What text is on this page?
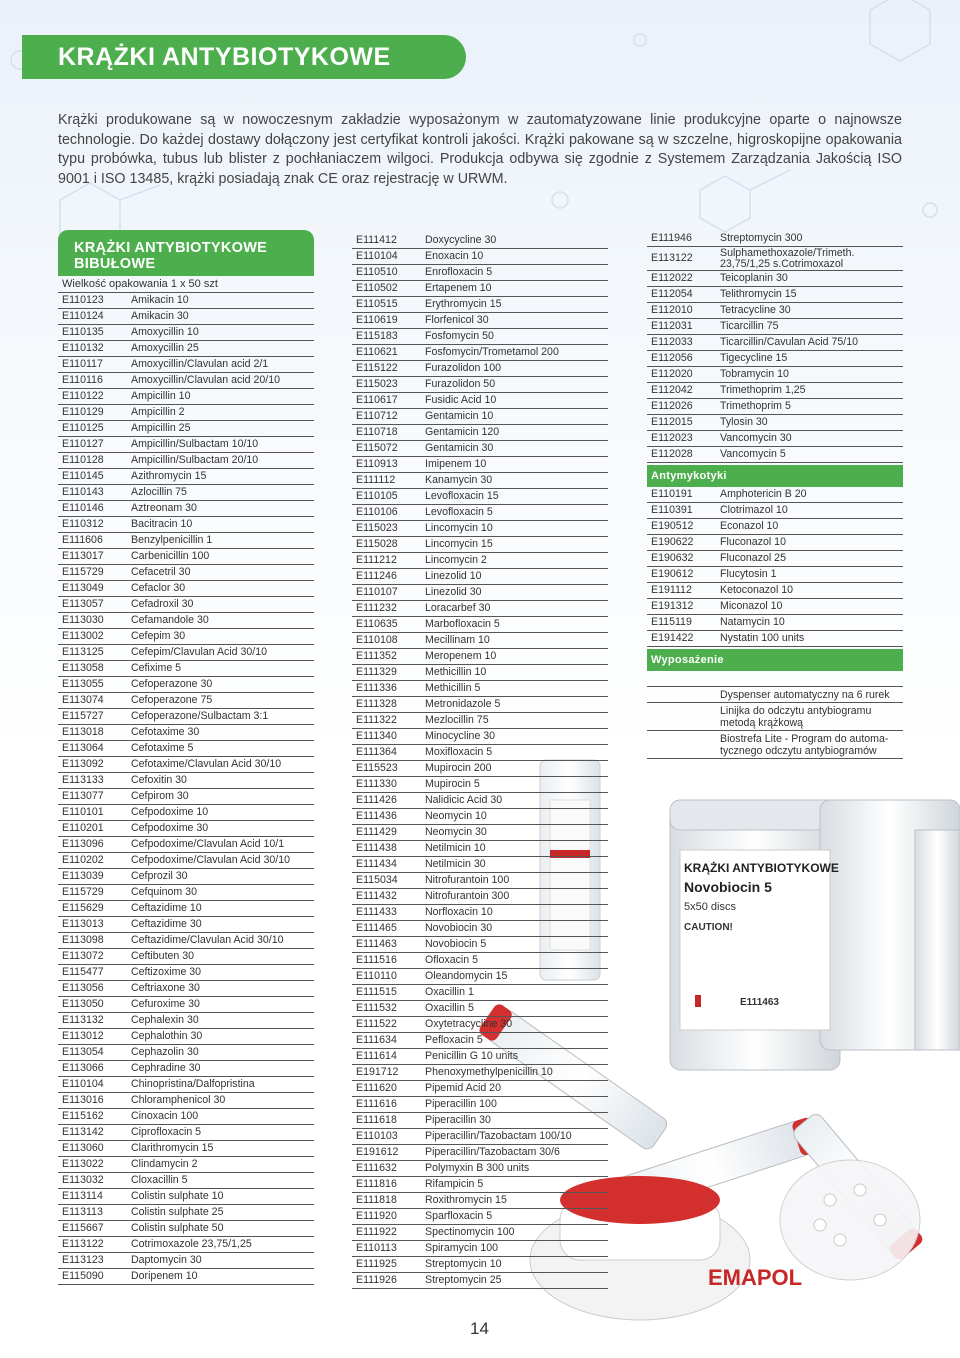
KRĄŻKI ANTYBIOTYKOWE

Krążki produkowane są w nowoczesnym zakładzie wyposażonym w zautomatyzowane linie produkcyjne oparte o najnowsze technologie. Do każdej dostawy dołączony jest certyfikat kontroli jakości. Krążki pakowane są w szczelne, higroskopijne opakowania typu probówka, tubus lub blister z pochłaniaczem wilgoci. Produkcja odbywa się zgodnie z Systemem Zarządzania Jakością ISO 9001 i ISO 13485, krążki posiadają znak CE oraz rejestrację w URWM.

KRĄŻKI ANTYBIOTYKOWE
Novobiocin 5
5x50 discs
CAUTION!
E111463
EMAPOL
KRĄŻKI ANTYBIOTYKOWE BIBUŁOWE
Wielkość opakowania 1 x 50 szt
E110123	Amikacin 10
E110124	Amikacin 30
E110135	Amoxycillin 10
E110132	Amoxycillin 25
E110117	Amoxycillin/Clavulan acid 2/1
E110116	Amoxycillin/Clavulan acid 20/10
E110122	Ampicillin 10
E110129	Ampicillin 2
E110125	Ampicillin 25
E110127	Ampicillin/Sulbactam 10/10
E110128	Ampicillin/Sulbactam 20/10
E110145	Azithromycin 15
E110143	Azlocillin 75
E110146	Aztreonam 30
E110312	Bacitracin 10
E111606	Benzylpenicillin 1
E113017	Carbenicillin 100
E115729	Cefacetril 30
E113049	Cefaclor 30
E113057	Cefadroxil 30
E113030	Cefamandole 30
E113002	Cefepim 30
E113125	Cefepim/Clavulan Acid 30/10
E113058	Cefixime 5
E113055	Cefoperazone 30
E113074	Cefoperazone 75
E115727	Cefoperazone/Sulbactam 3:1
E113018	Cefotaxime 30
E113064	Cefotaxime 5
E113092	Cefotaxime/Clavulan Acid 30/10
E113133	Cefoxitin 30
E113077	Cefpirom 30
E110101	Cefpodoxime 10
E110201	Cefpodoxime 30
E113096	Cefpodoxime/Clavulan Acid 10/1
E110202	Cefpodoxime/Clavulan Acid 30/10
E113039	Cefprozil 30
E115729	Cefquinom 30
E115629	Ceftazidime 10
E113013	Ceftazidime 30
E113098	Ceftazidime/Clavulan Acid 30/10
E113072	Ceftibuten 30
E115477	Ceftizoxime 30
E113056	Ceftriaxone 30
E113050	Cefuroxime 30
E113132	Cephalexin 30
E113012	Cephalothin 30
E113054	Cephazolin 30
E113066	Cephradine 30
E110104	Chinopristina/Dalfopristina
E113016	Chloramphenicol 30
E115162	Cinoxacin 100
E113142	Ciprofloxacin 5
E113060	Clarithromycin 15
E113022	Clindamycin 2
E113032	Cloxacillin 5
E113114	Colistin sulphate 10
E113113	Colistin sulphate 25
E115667	Colistin sulphate 50
E113122	Cotrimoxazole 23,75/1,25
E113123	Daptomycin 30
E115090	Doripenem 10
E111412	Doxycycline 30
E110104	Enoxacin 10
E110510	Enrofloxacin 5
E110502	Ertapenem 10
E110515	Erythromycin 15
E110619	Florfenicol 30
E115183	Fosfomycin 50
E110621	Fosfomycin/Trometamol 200
E115122	Furazolidon 100
E115023	Furazolidon 50
E110617	Fusidic Acid 10
E110712	Gentamicin 10
E110718	Gentamicin 120
E115072	Gentamicin 30
E110913	Imipenem 10
E111112	Kanamycin 30
E110105	Levofloxacin 15
E110106	Levofloxacin 5
E115023	Lincomycin 10
E115028	Lincomycin 15
E111212	Lincomycin 2
E111246	Linezolid 10
E110107	Linezolid 30
E111232	Loracarbef 30
E110635	Marbofloxacin 5
E110108	Mecillinam 10
E111352	Meropenem 10
E111329	Methicillin 10
E111336	Methicillin 5
E111328	Metronidazole 5
E111322	Mezlocillin 75
E111340	Minocycline 30
E111364	Moxifloxacin 5
E115523	Mupirocin 200
E111330	Mupirocin 5
E111426	Nalidicic Acid 30
E111436	Neomycin 10
E111429	Neomycin 30
E111438	Netilmicin 10
E111434	Netilmicin 30
E115034	Nitrofurantoin 100
E111432	Nitrofurantoin 300
E111433	Norfloxacin 10
E111465	Novobiocin 30
E111463	Novobiocin 5
E111516	Ofloxacin 5
E110110	Oleandomycin 15
E111515	Oxacillin 1
E111532	Oxacillin 5
E111522	Oxytetracycline 30
E111634	Pefloxacin 5
E111614	Penicillin G 10 units
E191712	Phenoxymethylpenicillin 10
E111620	Pipemid Acid 20
E111616	Piperacillin 100
E111618	Piperacillin 30
E110103	Piperacillin/Tazobactam 100/10
E191612	Piperacillin/Tazobactam 30/6
E111632	Polymyxin B 300 units
E111816	Rifampicin 5
E111818	Roxithromycin 15
E111920	Sparfloxacin 5
E111922	Spectinomycin 100
E110113	Spiramycin 100
E111925	Streptomycin 10
E111926	Streptomycin 25
E111946	Streptomycin 300
E113122	Sulphamethoxazole/Trimeth. 23,75/1,25 s.Cotrimoxazol
E112022	Teicoplanin 30
E112054	Telithromycin 15
E112010	Tetracycline 30
E112031	Ticarcillin 75
E112033	Ticarcillin/Cavulan Acid 75/10
E112056	Tigecycline 15
E112020	Tobramycin 10
E112042	Trimethoprim 1,25
E112026	Trimethoprim 5
E112015	Tylosin 30
E112023	Vancomycin 30
E112028	Vancomycin 5
Antymykotyki
E110191	Amphotericin B 20
E110391	Clotrimazol 10
E190512	Econazol 10
E190622	Fluconazol 10
E190632	Fluconazol 25
E190612	Flucytosin 1
E191112	Ketoconazol 10
E191312	Miconazol 10
E115119	Natamycin 10
E191422	Nystatin 100 units
Wyposażenie
Dyspenser automatyczny na 6 rurek
Linijka do odczytu antybiogramu metodą krążkową
Biostrefa Lite - Program do automa-tycznego odczytu antybiogramów
14
